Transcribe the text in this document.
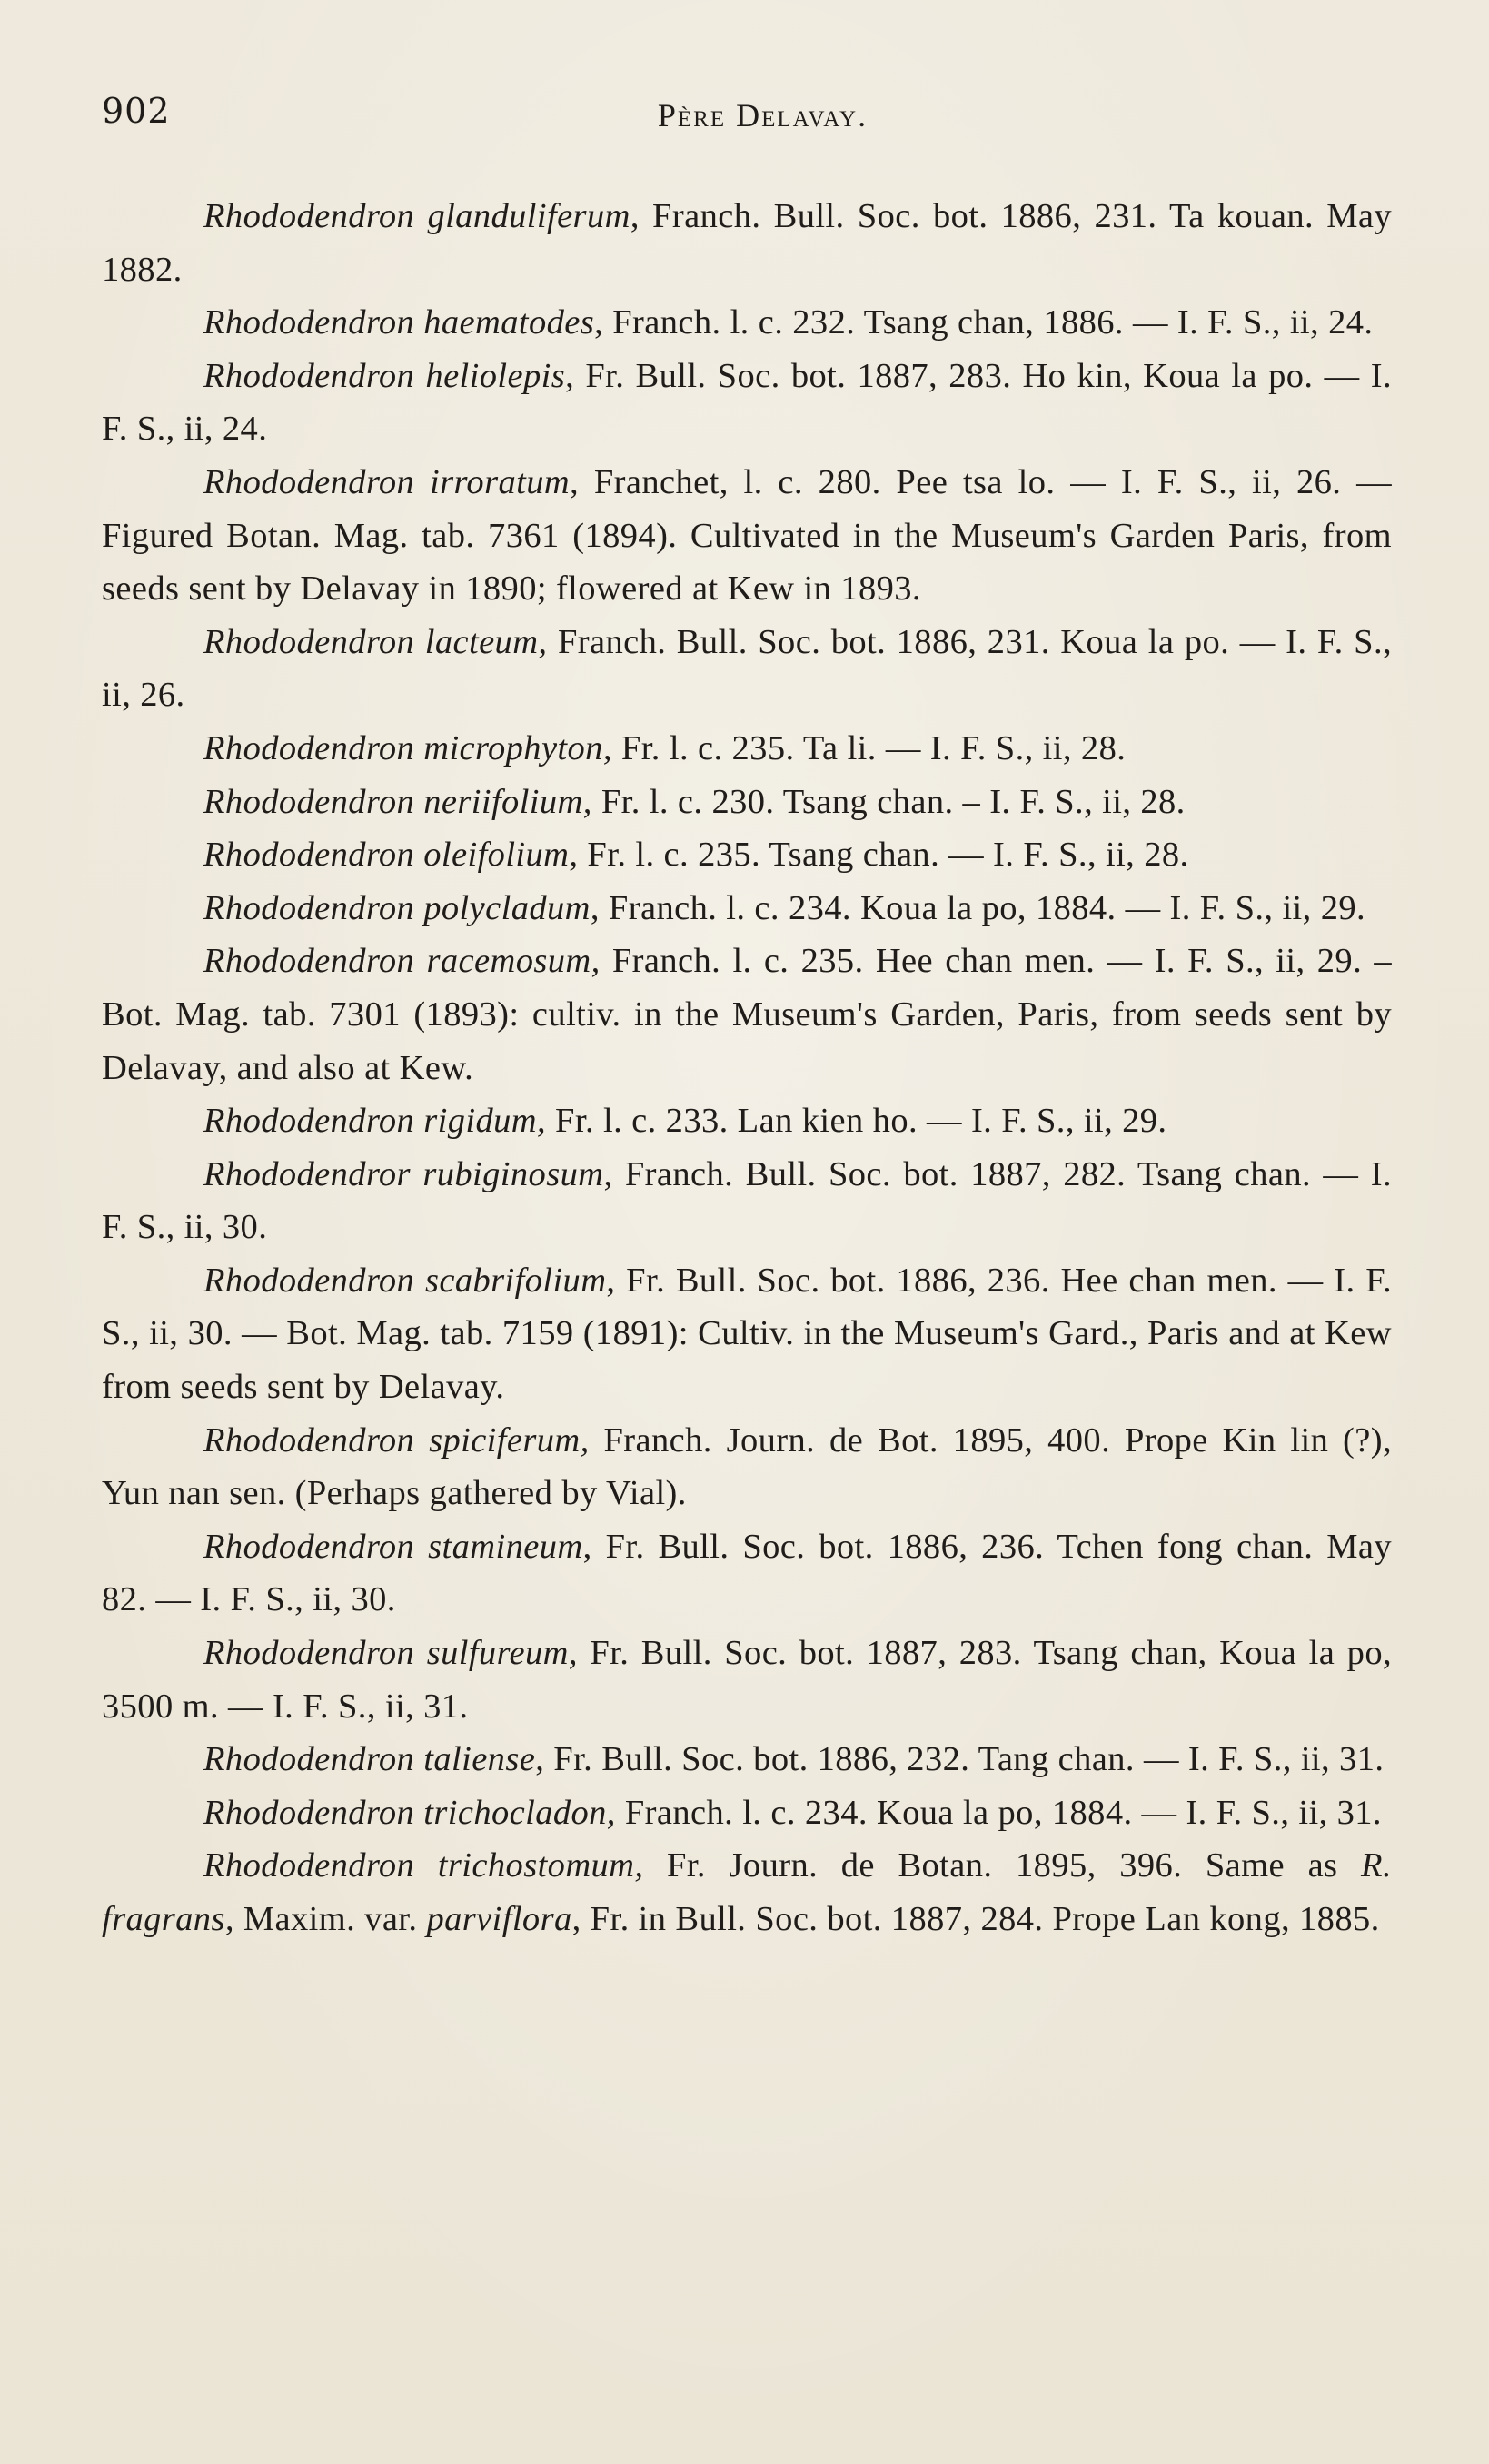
902	Père Delavay.

Rhododendron glanduliferum, Franch. Bull. Soc. bot. 1886, 231. Ta kouan. May 1882.

Rhododendron haematodes, Franch. l. c. 232. Tsang chan, 1886. — I. F. S., ii, 24.

Rhododendron heliolepis, Fr. Bull. Soc. bot. 1887, 283. Ho kin, Koua la po. — I. F. S., ii, 24.

Rhododendron irroratum, Franchet, l. c. 280. Pee tsa lo. — I. F. S., ii, 26. — Figured Botan. Mag. tab. 7361 (1894). Cultivated in the Museum's Garden Paris, from seeds sent by Delavay in 1890; flowered at Kew in 1893.

Rhododendron lacteum, Franch. Bull. Soc. bot. 1886, 231. Koua la po. — I. F. S., ii, 26.

Rhododendron microphyton, Fr. l. c. 235. Ta li. — I. F. S., ii, 28.

Rhododendron neriifolium, Fr. l. c. 230. Tsang chan. – I. F. S., ii, 28.

Rhododendron oleifolium, Fr. l. c. 235. Tsang chan. — I. F. S., ii, 28.

Rhododendron polycladum, Franch. l. c. 234. Koua la po, 1884. — I. F. S., ii, 29.

Rhododendron racemosum, Franch. l. c. 235. Hee chan men. — I. F. S., ii, 29. – Bot. Mag. tab. 7301 (1893): cultiv. in the Museum's Garden, Paris, from seeds sent by Delavay, and also at Kew.

Rhododendron rigidum, Fr. l. c. 233. Lan kien ho. — I. F. S., ii, 29.

Rhododendror rubiginosum, Franch. Bull. Soc. bot. 1887, 282. Tsang chan. — I. F. S., ii, 30.

Rhododendron scabrifolium, Fr. Bull. Soc. bot. 1886, 236. Hee chan men. — I. F. S., ii, 30. — Bot. Mag. tab. 7159 (1891): Cultiv. in the Museum's Gard., Paris and at Kew from seeds sent by Delavay.

Rhododendron spiciferum, Franch. Journ. de Bot. 1895, 400. Prope Kin lin (?), Yun nan sen. (Perhaps gathered by Vial).

Rhododendron stamineum, Fr. Bull. Soc. bot. 1886, 236. Tchen fong chan. May 82. — I. F. S., ii, 30.

Rhododendron sulfureum, Fr. Bull. Soc. bot. 1887, 283. Tsang chan, Koua la po, 3500 m. — I. F. S., ii, 31.

Rhododendron taliense, Fr. Bull. Soc. bot. 1886, 232. Tang chan. — I. F. S., ii, 31.

Rhododendron trichocladon, Franch. l. c. 234. Koua la po, 1884. — I. F. S., ii, 31.

Rhododendron trichostomum, Fr. Journ. de Botan. 1895, 396. Same as R. fragrans, Maxim. var. parviflora, Fr. in Bull. Soc. bot. 1887, 284. Prope Lan kong, 1885.
